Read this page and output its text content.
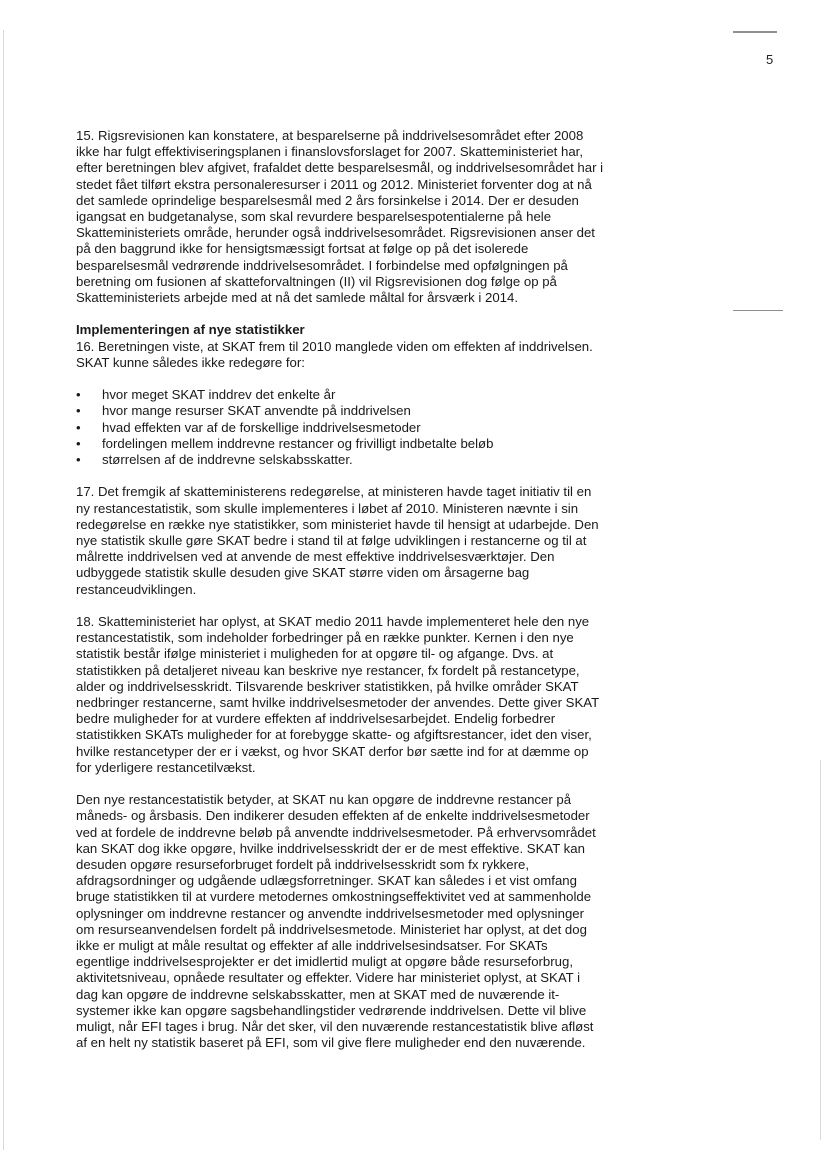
5

15. Rigsrevisionen kan konstatere, at besparelserne på inddrivelsesområdet efter 2008 ikke har fulgt effektiviseringsplanen i finanslovsforslaget for 2007. Skatteministeriet har, efter beretningen blev afgivet, frafaldet dette besparelsesmål, og inddrivelsesområdet har i stedet fået tilført ekstra personaleresurser i 2011 og 2012. Ministeriet forventer dog at nå det samlede oprindelige besparelsesmål med 2 års forsinkelse i 2014. Der er desuden igangsat en budgetanalyse, som skal revurdere besparelsespotentialerne på hele Skatteministeriets område, herunder også inddrivelsesområdet. Rigsrevisionen anser det på den baggrund ikke for hensigtsmæssigt fortsat at følge op på det isolerede besparelsesmål vedrørende inddrivelsesområdet. I forbindelse med opfølgningen på beretning om fusionen af skatteforvaltningen (II) vil Rigsrevisionen dog følge op på Skatteministeriets arbejde med at nå det samlede måltal for årsværk i 2014.

Implementeringen af nye statistikker

16. Beretningen viste, at SKAT frem til 2010 manglede viden om effekten af inddrivelsen. SKAT kunne således ikke redegøre for:

• hvor meget SKAT inddrev det enkelte år
• hvor mange resurser SKAT anvendte på inddrivelsen
• hvad effekten var af de forskellige inddrivelsesmetoder
• fordelingen mellem inddrevne restancer og frivilligt indbetalte beløb
• størrelsen af de inddrevne selskabsskatter.

17. Det fremgik af skatteministerens redegørelse, at ministeren havde taget initiativ til en ny restancestatistik, som skulle implementeres i løbet af 2010. Ministeren nævnte i sin redegørelse en række nye statistikker, som ministeriet havde til hensigt at udarbejde. Den nye statistik skulle gøre SKAT bedre i stand til at følge udviklingen i restancerne og til at målrette inddrivelsen ved at anvende de mest effektive inddrivelsesværktøjer. Den udbyggede statistik skulle desuden give SKAT større viden om årsagerne bag restanceudviklingen.

18. Skatteministeriet har oplyst, at SKAT medio 2011 havde implementeret hele den nye restancestatistik, som indeholder forbedringer på en række punkter. Kernen i den nye statistik består ifølge ministeriet i muligheden for at opgøre til- og afgange. Dvs. at statistikken på detaljeret niveau kan beskrive nye restancer, fx fordelt på restancetype, alder og inddrivelsesskridt. Tilsvarende beskriver statistikken, på hvilke områder SKAT nedbringer restancerne, samt hvilke inddrivelsesmetoder der anvendes. Dette giver SKAT bedre muligheder for at vurdere effekten af inddrivelsesarbejdet. Endelig forbedrer statistikken SKATs muligheder for at forebygge skatte- og afgiftsrestancer, idet den viser, hvilke restancetyper der er i vækst, og hvor SKAT derfor bør sætte ind for at dæmme op for yderligere restancetilvækst.

Den nye restancestatistik betyder, at SKAT nu kan opgøre de inddrevne restancer på måneds- og årsbasis. Den indikerer desuden effekten af de enkelte inddrivelsesmetoder ved at fordele de inddrevne beløb på anvendte inddrivelsesmetoder. På erhvervsområdet kan SKAT dog ikke opgøre, hvilke inddrivelsesskridt der er de mest effektive. SKAT kan desuden opgøre resurseforbruget fordelt på inddrivelsesskridt som fx rykkere, afdragsordninger og udgående udlægsforretninger. SKAT kan således i et vist omfang bruge statistikken til at vurdere metodernes omkostningseffektivitet ved at sammenholde oplysninger om inddrevne restancer og anvendte inddrivelsesmetoder med oplysninger om resurseanvendelsen fordelt på inddrivelsesmetode. Ministeriet har oplyst, at det dog ikke er muligt at måle resultat og effekter af alle inddrivelsesindsatser. For SKATs egentlige inddrivelsesprojekter er det imidlertid muligt at opgøre både resurseforbrug, aktivitetsniveau, opnåede resultater og effekter. Videre har ministeriet oplyst, at SKAT i dag kan opgøre de inddrevne selskabsskatter, men at SKAT med de nuværende it-systemer ikke kan opgøre sagsbehandlingstider vedrørende inddrivelsen. Dette vil blive muligt, når EFI tages i brug. Når det sker, vil den nuværende restancestatistik blive afløst af en helt ny statistik baseret på EFI, som vil give flere muligheder end den nuværende.
